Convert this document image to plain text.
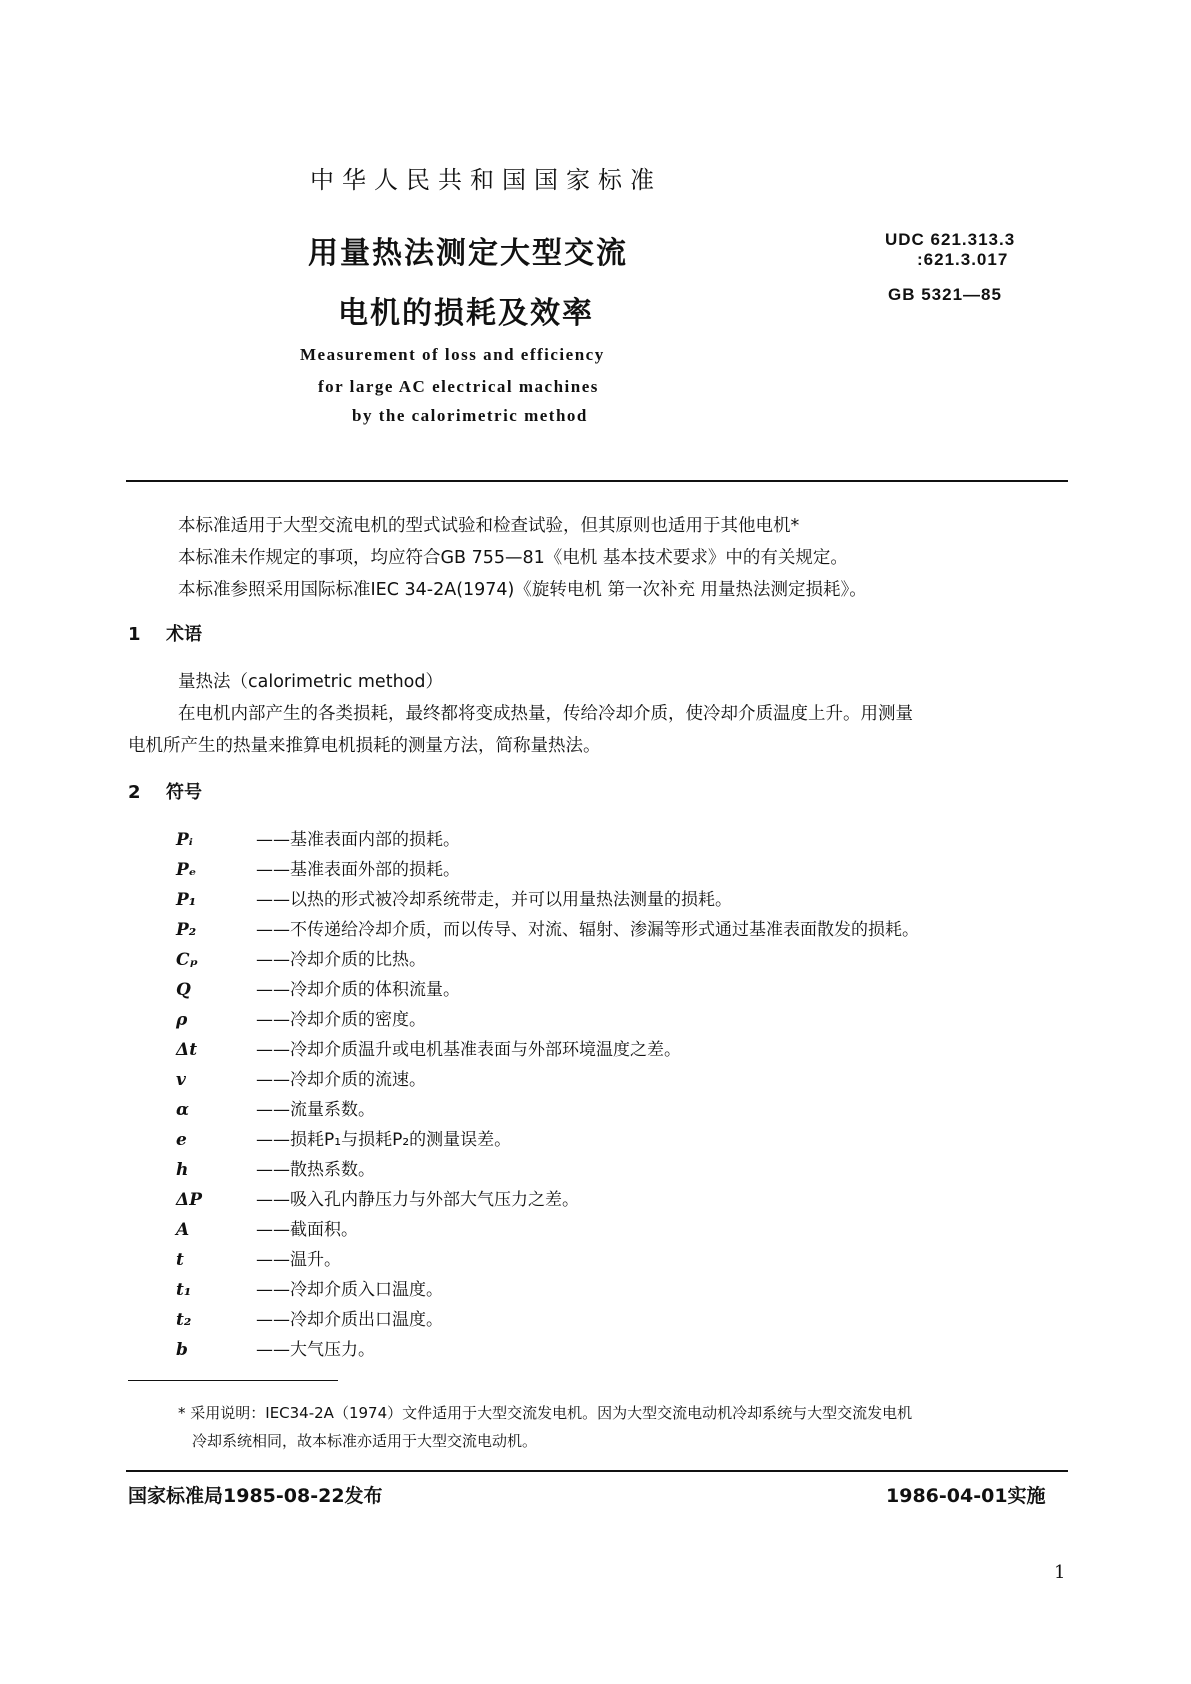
中华人民共和国国家标准
用量热法测定大型交流
电机的损耗及效率
Measurement of loss and efficiency
for large AC electrical machines
by the calorimetric method
UDC 621.313.3
:621.3.017
GB 5321—85
本标准适用于大型交流电机的型式试验和检查试验，但其原则也适用于其他电机*
本标准未作规定的事项，均应符合GB 755—81《电机 基本技术要求》中的有关规定。
本标准参照采用国际标准IEC 34-2A(1974)《旋转电机 第一次补充 用量热法测定损耗》。
1 术语
量热法（calorimetric method）
在电机内部产生的各类损耗，最终都将变成热量，传给冷却介质，使冷却介质温度上升。用测量
电机所产生的热量来推算电机损耗的测量方法，简称量热法。
2 符号
Pᵢ	——基准表面内部的损耗。
Pₑ	——基准表面外部的损耗。
P₁	——以热的形式被冷却系统带走，并可以用量热法测量的损耗。
P₂	——不传递给冷却介质，而以传导、对流、辐射、渗漏等形式通过基准表面散发的损耗。
Cₚ	——冷却介质的比热。
Q	——冷却介质的体积流量。
ρ	——冷却介质的密度。
Δt	——冷却介质温升或电机基准表面与外部环境温度之差。
v	——冷却介质的流速。
α	——流量系数。
e	——损耗P₁与损耗P₂的测量误差。
h	——散热系数。
ΔP	——吸入孔内静压力与外部大气压力之差。
A	——截面积。
t	——温升。
t₁	——冷却介质入口温度。
t₂	——冷却介质出口温度。
b	——大气压力。
* 采用说明：IEC34-2A（1974）文件适用于大型交流发电机。因为大型交流电动机冷却系统与大型交流发电机
冷却系统相同，故本标准亦适用于大型交流电动机。
国家标准局1985-08-22发布	1986-04-01实施
1
